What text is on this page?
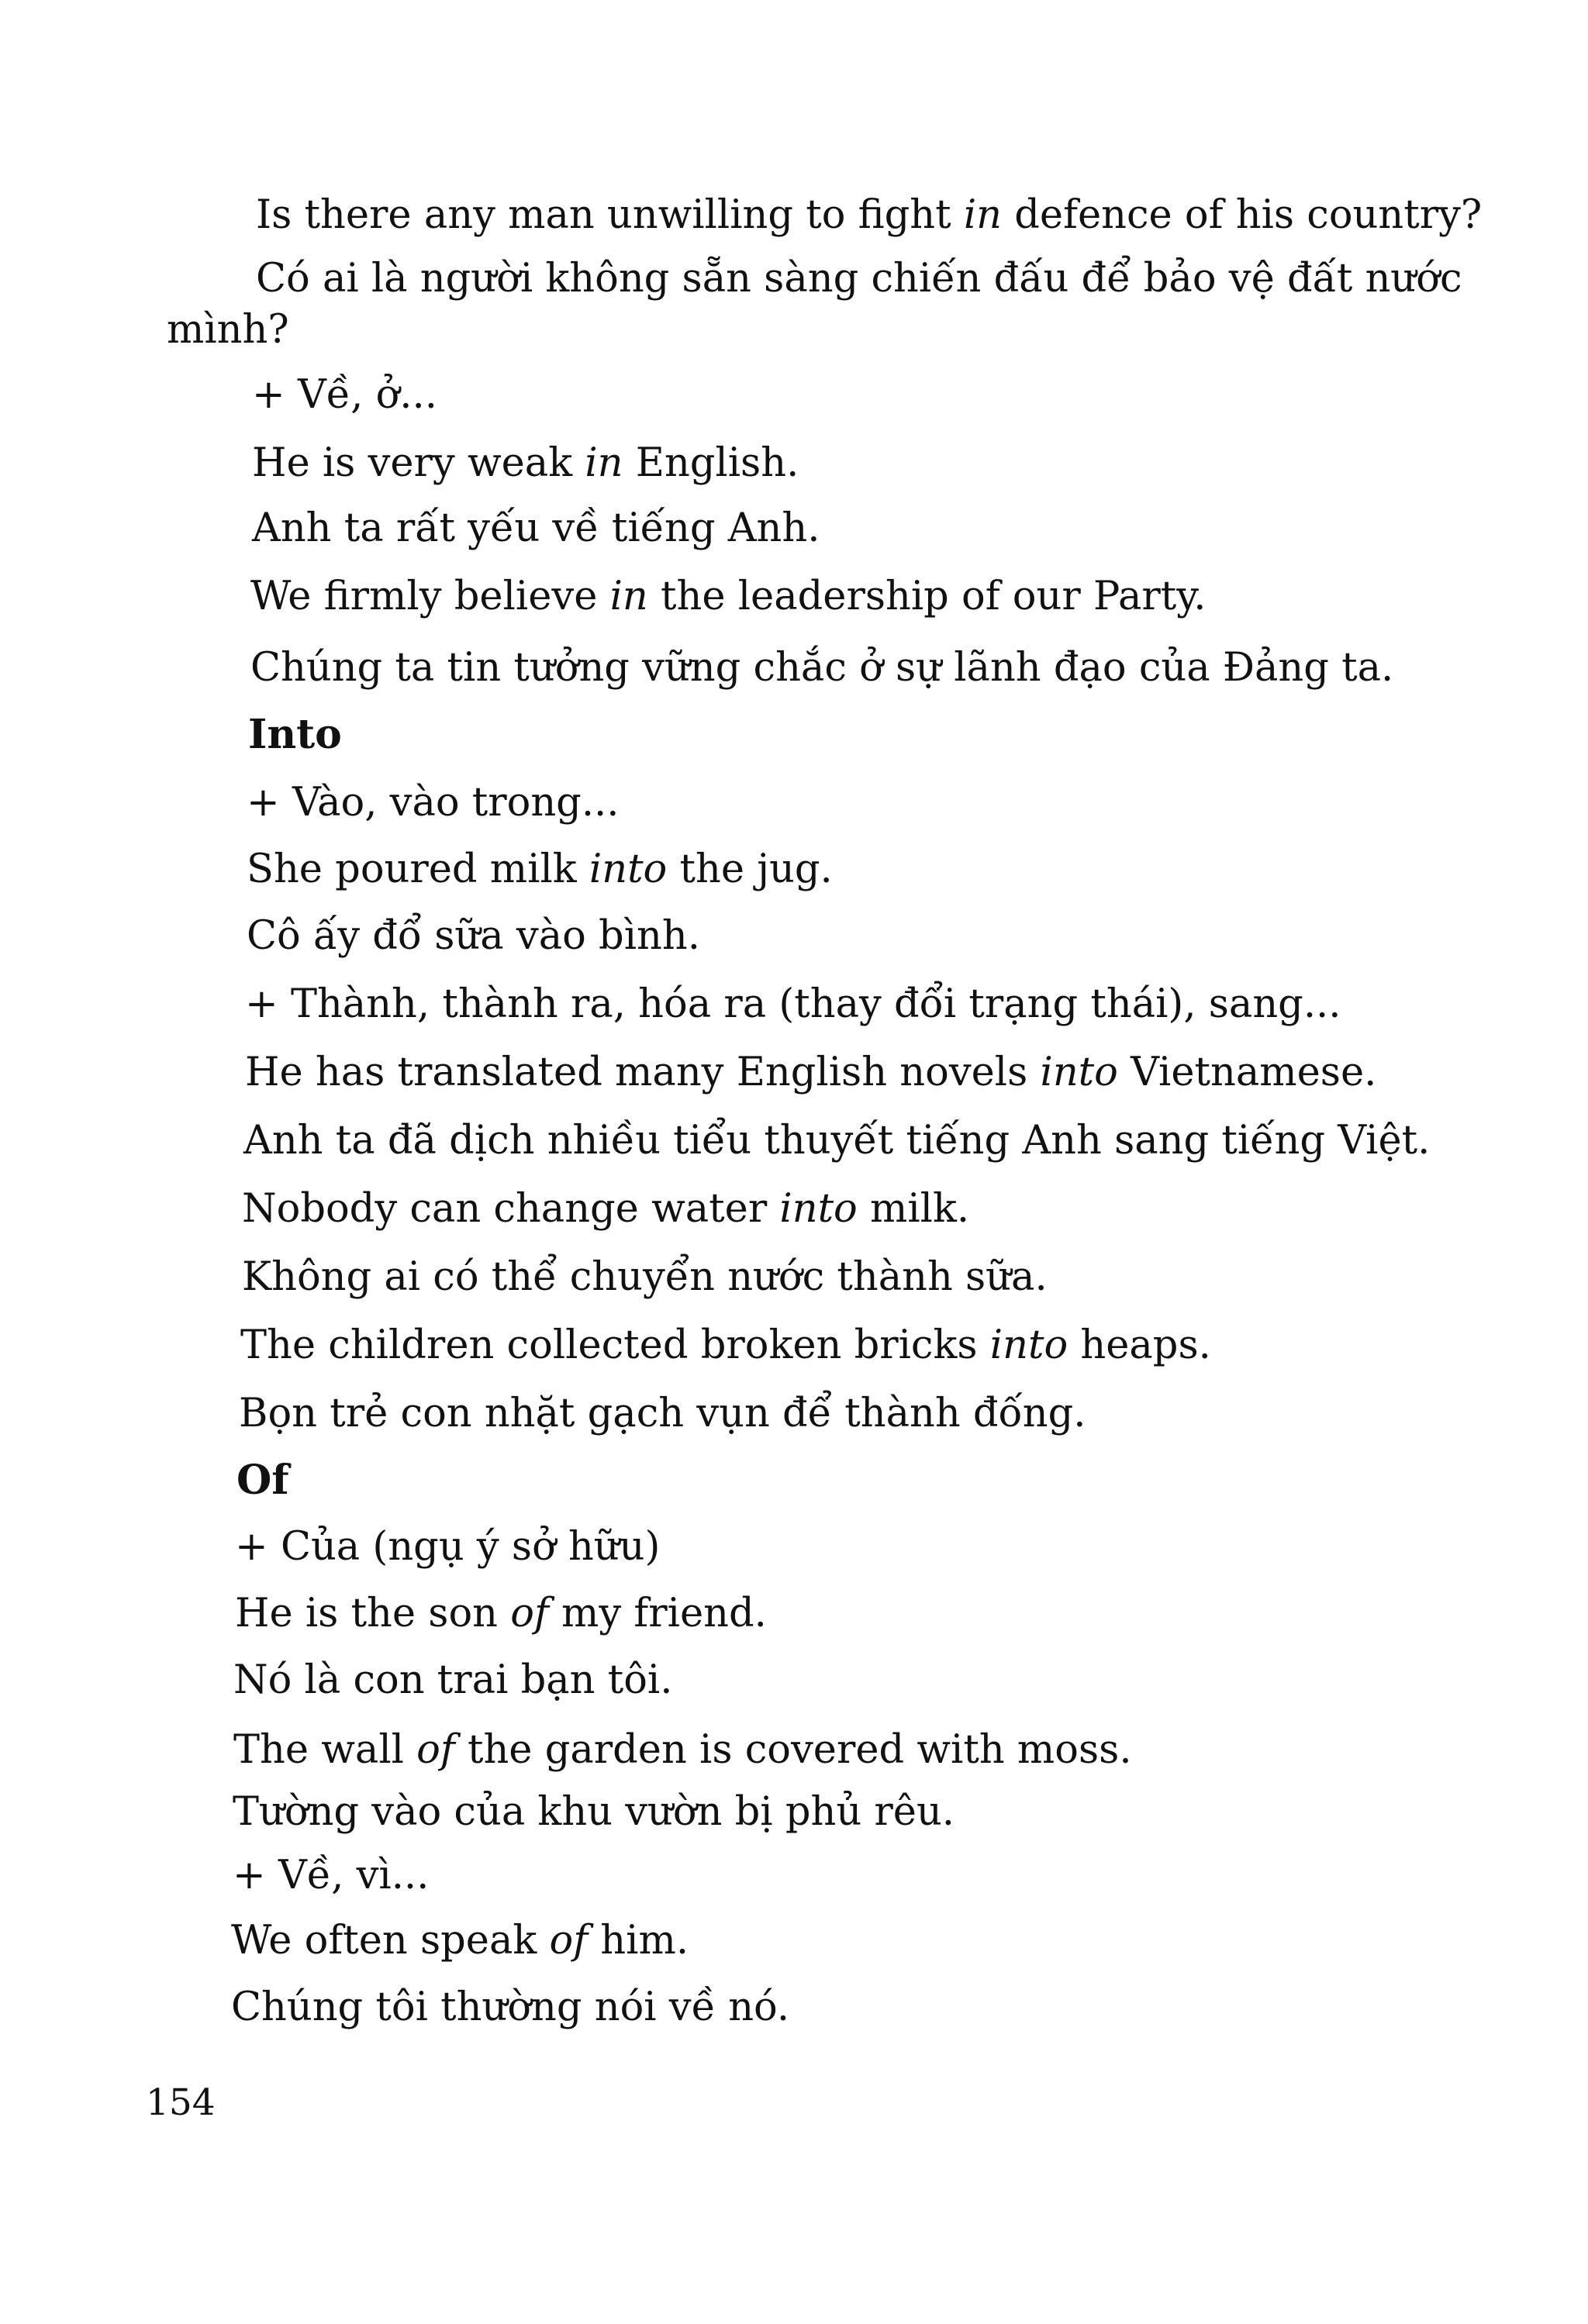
Is there any man unwilling to fight in defence of his country?
Có ai là người không sẵn sàng chiến đấu để bảo vệ đất nước
mình?
+ Về, ở...
He is very weak in English.
Anh ta rất yếu về tiếng Anh.
We firmly believe in the leadership of our Party.
Chúng ta tin tưởng vững chắc ở sự lãnh đạo của Đảng ta.
Into
+ Vào, vào trong...
She poured milk into the jug.
Cô ấy đổ sữa vào bình.
+ Thành, thành ra, hóa ra (thay đổi trạng thái), sang...
He has translated many English novels into Vietnamese.
Anh ta đã dịch nhiều tiểu thuyết tiếng Anh sang tiếng Việt.
Nobody can change water into milk.
Không ai có thể chuyển nước thành sữa.
The children collected broken bricks into heaps.
Bọn trẻ con nhặt gạch vụn để thành đống.
Of
+ Của (ngụ ý sở hữu)
He is the son of my friend.
Nó là con trai bạn tôi.
The wall of the garden is covered with moss.
Tường vào của khu vườn bị phủ rêu.
+ Về, vì...
We often speak of him.
Chúng tôi thường nói về nó.
154
